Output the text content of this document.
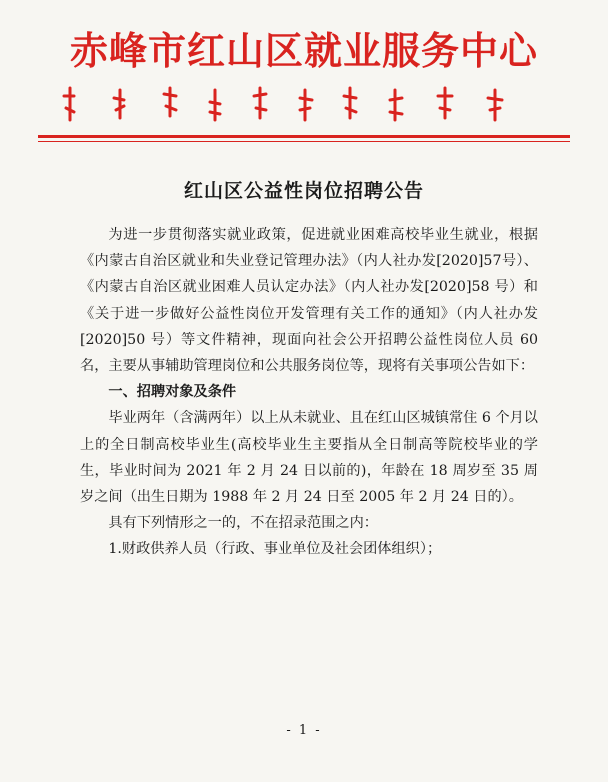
赤峰市红山区就业服务中心
红山区公益性岗位招聘公告

为进一步贯彻落实就业政策，促进就业困难高校毕业生就业，根据《内蒙古自治区就业和失业登记管理办法》（内人社办发[2020]57号）、《内蒙古自治区就业困难人员认定办法》（内人社办发[2020]58 号）和《关于进一步做好公益性岗位开发管理有关工作的通知》（内人社办发[2020]50 号）等文件精神，现面向社会公开招聘公益性岗位人员 60 名，主要从事辅助管理岗位和公共服务岗位等，现将有关事项公告如下：

一、招聘对象及条件

毕业两年（含满两年）以上从未就业、且在红山区城镇常住 6 个月以上的全日制高校毕业生(高校毕业生主要指从全日制高等院校毕业的学生，毕业时间为 2021 年 2 月 24 日以前的)，年龄在 18 周岁至 35 周岁之间（出生日期为 1988 年 2 月 24 日至 2005 年 2 月 24 日的）。

具有下列情形之一的，不在招录范围之内：

1.财政供养人员（行政、事业单位及社会团体组织）；

- 1 -
